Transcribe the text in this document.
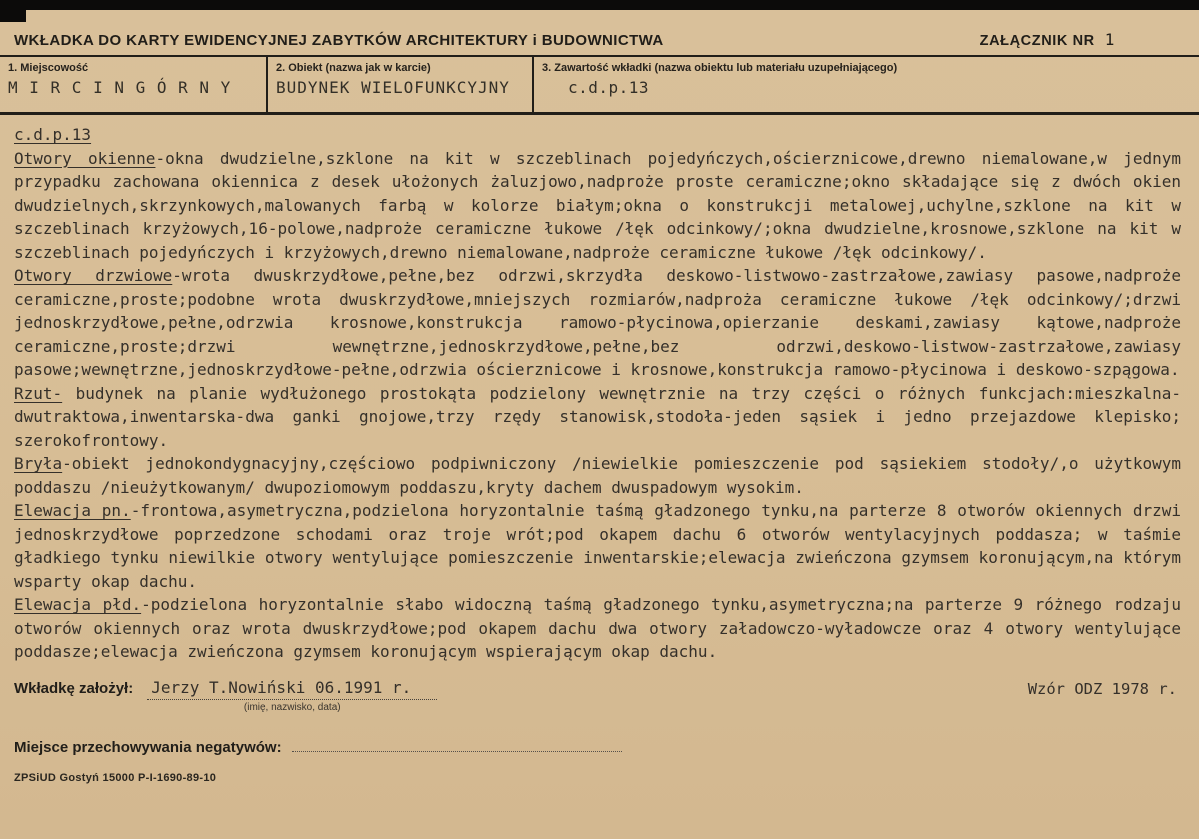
WKŁADKA DO KARTY EWIDENCYJNEJ ZABYTKÓW ARCHITEKTURY i BUDOWNICTWA	ZAŁĄCZNIK NR 1
1. Miejscowość
M I R C I N G Ó R N Y
2. Obiekt (nazwa jak w karcie)
BUDYNEK WIELOFUNKCYJNY
3. Zawartość wkładki (nazwa obiektu lub materiału uzupełniającego)
c.d.p.13
c.d.p.13

Otwory okienne-okna dwudzielne,szklone na kit w szczeblinach pojedyńczych,ościerznicowe,drewno niemalowane,w jednym przypadku zachowana okiennica z desek ułożonych żaluzjowo,nadproże proste ceramiczne;okno składające się z dwóch okien dwudzielnych,skrzynkowych,malowanych farbą w kolorze białym;okna o konstrukcji metalowej,uchylne,szklone na kit w szczeblinach krzyżowych,16-polowe,nadproże ceramiczne łukowe /łęk odcinkowy/;okna dwudzielne,krosnowe,szklone na kit w szczeblinach pojedyńczych i krzyżowych,drewno niemalowane,nadproże ceramiczne łukowe /łęk odcinkowy/.

Otwory drzwiowe-wrota dwuskrzydłowe,pełne,bez odrzwi,skrzydła deskowo-listwowo-zastrzałowe,zawiasy pasowe,nadproże ceramiczne,proste;podobne wrota dwuskrzydłowe,mniejszych rozmiarów,nadproża ceramiczne łukowe /łęk odcinkowy/;drzwi jednoskrzydłowe,pełne,odrzwia krosnowe,konstrukcja ramowo-płycinowa,opierzanie deskami,zawiasy kątowe,nadproże ceramiczne,proste;drzwi wewnętrzne,jednoskrzydłowe,pełne,bez odrzwi,deskowo-listwow-zastrzałowe,zawiasy pasowe;wewnętrzne,jednoskrzydłowe-pełne,odrzwia ościerznicowe i krosnowe,konstrukcja ramowo-płycinowa i deskowo-szpągowa.

Rzut- budynek na planie wydłużonego prostokąta podzielony wewnętrznie na trzy części o różnych funkcjach:mieszkalna-dwutraktowa,inwentarska-dwa ganki gnojowe,trzy rzędy stanowisk,stodoła-jeden sąsiek i jedno przejazdowe klepisko; szerokofrontowy.

Bryła-obiekt jednokondygnacyjny,częściowo podpiwniczony /niewielkie pomieszczenie pod sąsiekiem stodoły/,o użytkowym poddaszu /nieużytkowanym/ dwupoziomowym poddaszu,kryty dachem dwuspadowym wysokim.

Elewacja pn.-frontowa,asymetryczna,podzielona horyzontalnie taśmą gładzonego tynku,na parterze 8 otworów okiennych drzwi jednoskrzydłowe poprzedzone schodami oraz troje wrót;pod okapem dachu 6 otworów wentylacyjnych poddasza; w taśmie gładkiego tynku niewilkie otwory wentylujące pomieszczenie inwentarskie;elewacja zwieńczona gzymsem koronującym,na którym wsparty okap dachu.

Elewacja płd.-podzielona horyzontalnie słabo widoczną taśmą gładzonego tynku,asymetryczna;na parterze 9 różnego rodzaju otworów okiennych oraz wrota dwuskrzydłowe;pod okapem dachu dwa otwory załadowczo-wyładowcze oraz 4 otwory wentylujące poddasze;elewacja zwieńczona gzymsem koronującym wspierającym okap dachu.

Wkładkę założył: Jerzy T.Nowiński 06.1991 r.
(imię, nazwisko, data)
Wzór ODZ 1978 r.
Miejsce przechowywania negatywów:
ZPSiUD Gostyń 15000 P-I-1690-89-10
